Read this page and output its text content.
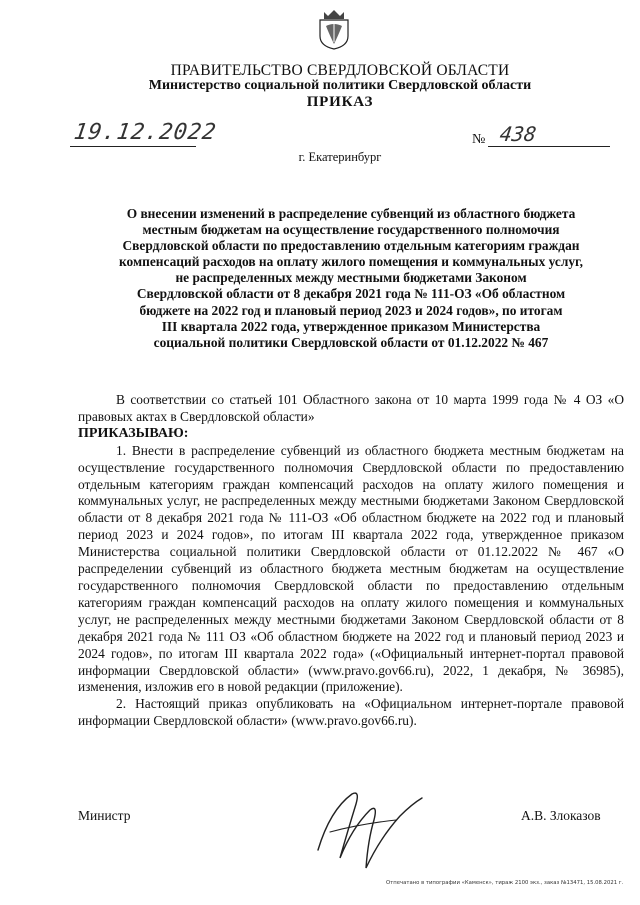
ПРАВИТЕЛЬСТВО СВЕРДЛОВСКОЙ ОБЛАСТИ
Министерство социальной политики Свердловской области
ПРИКАЗ
19.12.2022	№ 438
г. Екатеринбург
О внесении изменений в распределение субвенций из областного бюджета
местным бюджетам на осуществление государственного полномочия
Свердловской области по предоставлению отдельным категориям граждан
компенсаций расходов на оплату жилого помещения и коммунальных услуг,
не распределенных между местными бюджетами Законом
Свердловской области от 8 декабря 2021 года № 111-ОЗ «Об областном
бюджете на 2022 год и плановый период 2023 и 2024 годов», по итогам
III квартала 2022 года, утвержденное приказом Министерства
социальной политики Свердловской области от 01.12.2022 № 467

В соответствии со статьей 101 Областного закона от 10 марта 1999 года № 4 ОЗ «О правовых актах в Свердловской области»

ПРИКАЗЫВАЮ:

1. Внести в распределение субвенций из областного бюджета местным бюджетам на осуществление государственного полномочия Свердловской области по предоставлению отдельным категориям граждан компенсаций расходов на оплату жилого помещения и коммунальных услуг, не распределенных между местными бюджетами Законом Свердловской области от 8 декабря 2021 года № 111-ОЗ «Об областном бюджете на 2022 год и плановый период 2023 и 2024 годов», по итогам III квартала 2022 года, утвержденное приказом Министерства социальной политики Свердловской области от 01.12.2022 № 467 «О распределении субвенций из областного бюджета местным бюджетам на осуществление государственного полномочия Свердловской области по предоставлению отдельным категориям граждан компенсаций расходов на оплату жилого помещения и коммунальных услуг, не распределенных между местными бюджетами Законом Свердловской области от 8 декабря 2021 года № 111 ОЗ «Об областном бюджете на 2022 год и плановый период 2023 и 2024 годов», по итогам III квартала 2022 года» («Официальный интернет-портал правовой информации Свердловской области» (www.pravo.gov66.ru), 2022, 1 декабря, № 36985), изменения, изложив его в новой редакции (приложение).

2. Настоящий приказ опубликовать на «Официальном интернет-портале правовой информации Свердловской области» (www.pravo.gov66.ru).

Министр	А.В. Злоказов
Отпечатано в типографии «Каменск», тираж 2100 экз., заказ №13471, 15.08.2021 г.
